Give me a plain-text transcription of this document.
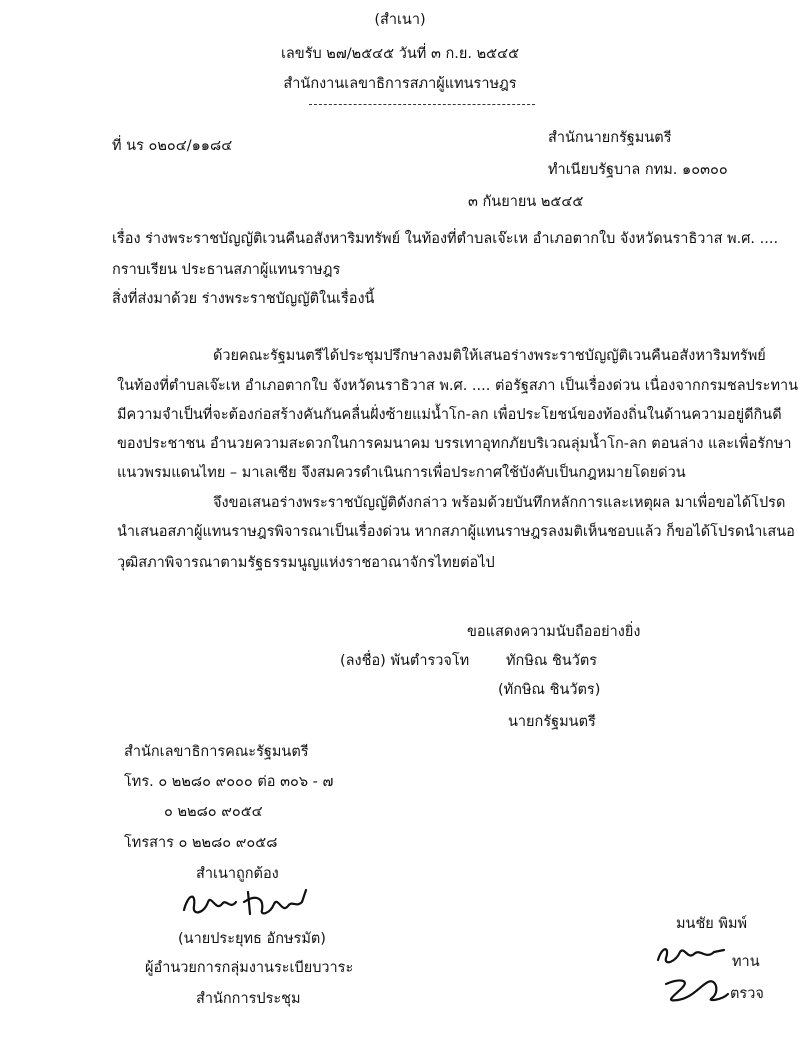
(สำเนา)
เลขรับ ๒๗/๒๕๔๕ วันที่ ๓ ก.ย. ๒๕๔๕
สำนักงานเลขาธิการสภาผู้แทนราษฎร
ที่ นร ๐๒๐๔/๑๑๘๔	สำนักนายกรัฐมนตรี
ทำเนียบรัฐบาล กทม. ๑๐๓๐๐
๓ กันยายน ๒๕๔๕
เรื่อง ร่างพระราชบัญญัติเวนคืนอสังหาริมทรัพย์ ในท้องที่ตำบลเจ๊ะเห อำเภอตากใบ จังหวัดนราธิวาส พ.ศ. ....
กราบเรียน ประธานสภาผู้แทนราษฎร
สิ่งที่ส่งมาด้วย ร่างพระราชบัญญัติในเรื่องนี้
ด้วยคณะรัฐมนตรีได้ประชุมปรึกษาลงมติให้เสนอร่างพระราชบัญญัติเวนคืนอสังหาริมทรัพย์
ในท้องที่ตำบลเจ๊ะเห อำเภอตากใบ จังหวัดนราธิวาส พ.ศ. .... ต่อรัฐสภา เป็นเรื่องด่วน เนื่องจากกรมชลประทาน
มีความจำเป็นที่จะต้องก่อสร้างคันกันคลื่นฝั่งซ้ายแม่น้ำโก-ลก เพื่อประโยชน์ของท้องถิ่นในด้านความอยู่ดีกินดี
ของประชาชน อำนวยความสะดวกในการคมนาคม บรรเทาอุทกภัยบริเวณลุ่มน้ำโก-ลก ตอนล่าง และเพื่อรักษา
แนวพรมแดนไทย – มาเลเซีย จึงสมควรดำเนินการเพื่อประกาศใช้บังคับเป็นกฎหมายโดยด่วน
จึงขอเสนอร่างพระราชบัญญัติดังกล่าว พร้อมด้วยบันทึกหลักการและเหตุผล มาเพื่อขอได้โปรด
นำเสนอสภาผู้แทนราษฎรพิจารณาเป็นเรื่องด่วน หากสภาผู้แทนราษฎรลงมติเห็นชอบแล้ว ก็ขอได้โปรดนำเสนอ
วุฒิสภาพิจารณาตามรัฐธรรมนูญแห่งราชอาณาจักรไทยต่อไป
ขอแสดงความนับถืออย่างยิ่ง
(ลงชื่อ) พันตำรวจโท	ทักษิณ ชินวัตร
(ทักษิณ ชินวัตร)
นายกรัฐมนตรี
สำนักเลขาธิการคณะรัฐมนตรี
โทร. ๐ ๒๒๘๐ ๙๐๐๐ ต่อ ๓๐๖ - ๗
๐ ๒๒๘๐ ๙๐๕๔
โทรสาร ๐ ๒๒๘๐ ๙๐๕๘
สำเนาถูกต้อง
(นายประยุทธ อักษรมัต)
ผู้อำนวยการกลุ่มงานระเบียบวาระ
สำนักการประชุม
มนชัย พิมพ์
ทาน
ตรวจ
